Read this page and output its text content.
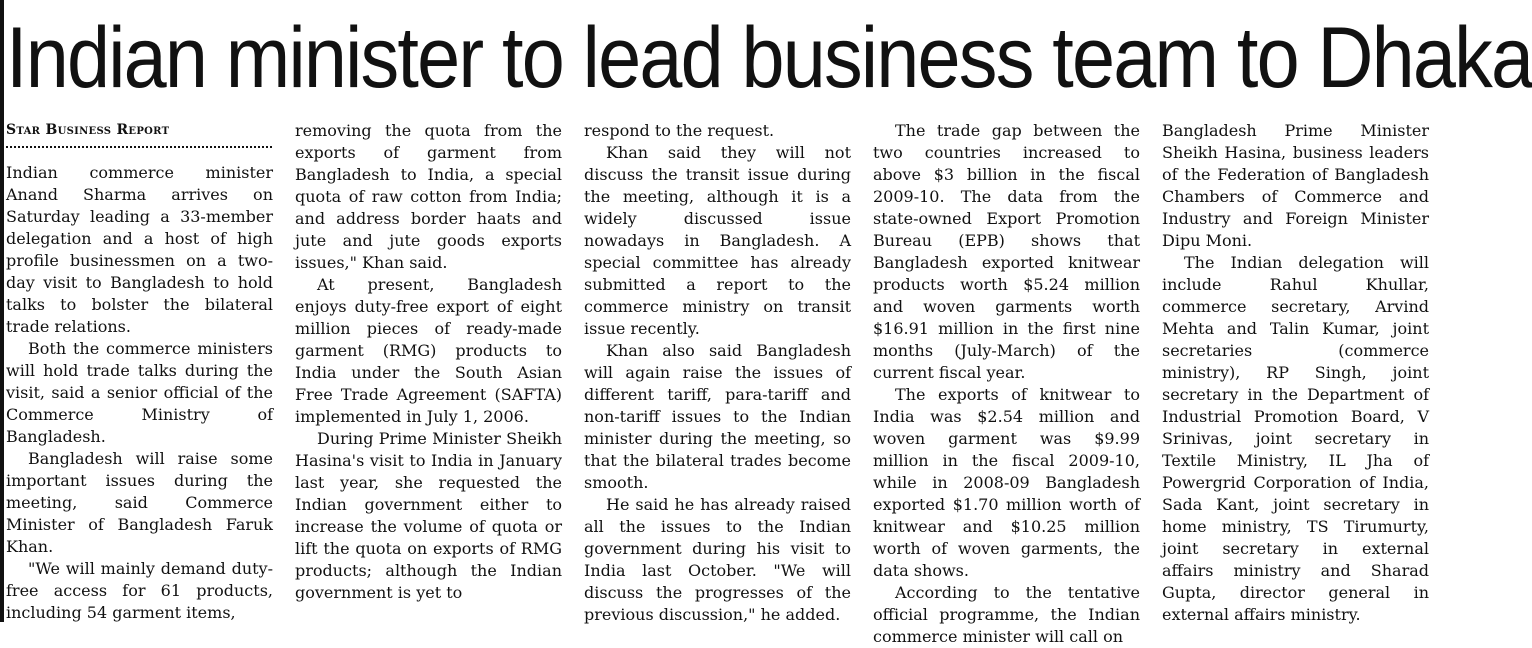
Indian minister to lead business team to Dhaka
Star Business Report

Indian commerce minister Anand Sharma arrives on Saturday leading a 33-member delegation and a host of high profile businessmen on a two-day visit to Bangladesh to hold talks to bolster the bilateral trade relations.

Both the commerce ministers will hold trade talks during the visit, said a senior official of the Commerce Ministry of Bangladesh.

Bangladesh will raise some important issues during the meeting, said Commerce Minister of Bangladesh Faruk Khan.

"We will mainly demand duty-free access for 61 products, including 54 garment items,

removing the quota from the exports of garment from Bangladesh to India, a special quota of raw cotton from India; and address border haats and jute and jute goods exports issues," Khan said.

At present, Bangladesh enjoys duty-free export of eight million pieces of ready-made garment (RMG) products to India under the South Asian Free Trade Agreement (SAFTA) implemented in July 1, 2006.

During Prime Minister Sheikh Hasina's visit to India in January last year, she requested the Indian government either to increase the volume of quota or lift the quota on exports of RMG products; although the Indian government is yet to

respond to the request.

Khan said they will not discuss the transit issue during the meeting, although it is a widely discussed issue nowadays in Bangladesh. A special committee has already submitted a report to the commerce ministry on transit issue recently.

Khan also said Bangladesh will again raise the issues of different tariff, para-tariff and non-tariff issues to the Indian minister during the meeting, so that the bilateral trades become smooth.

He said he has already raised all the issues to the Indian government during his visit to India last October. "We will discuss the progresses of the previous discussion," he added.

The trade gap between the two countries increased to above $3 billion in the fiscal 2009-10. The data from the state-owned Export Promotion Bureau (EPB) shows that Bangladesh exported knitwear products worth $5.24 million and woven garments worth $16.91 million in the first nine months (July-March) of the current fiscal year.

The exports of knitwear to India was $2.54 million and woven garment was $9.99 million in the fiscal 2009-10, while in 2008-09 Bangladesh exported $1.70 million worth of knitwear and $10.25 million worth of woven garments, the data shows.

According to the tentative official programme, the Indian commerce minister will call on

Bangladesh Prime Minister Sheikh Hasina, business leaders of the Federation of Bangladesh Chambers of Commerce and Industry and Foreign Minister Dipu Moni.

The Indian delegation will include Rahul Khullar, commerce secretary, Arvind Mehta and Talin Kumar, joint secretaries (commerce ministry), RP Singh, joint secretary in the Department of Industrial Promotion Board, V Srinivas, joint secretary in Textile Ministry, IL Jha of Powergrid Corporation of India, Sada Kant, joint secretary in home ministry, TS Tirumurty, joint secretary in external affairs ministry and Sharad Gupta, director general in external affairs ministry.
